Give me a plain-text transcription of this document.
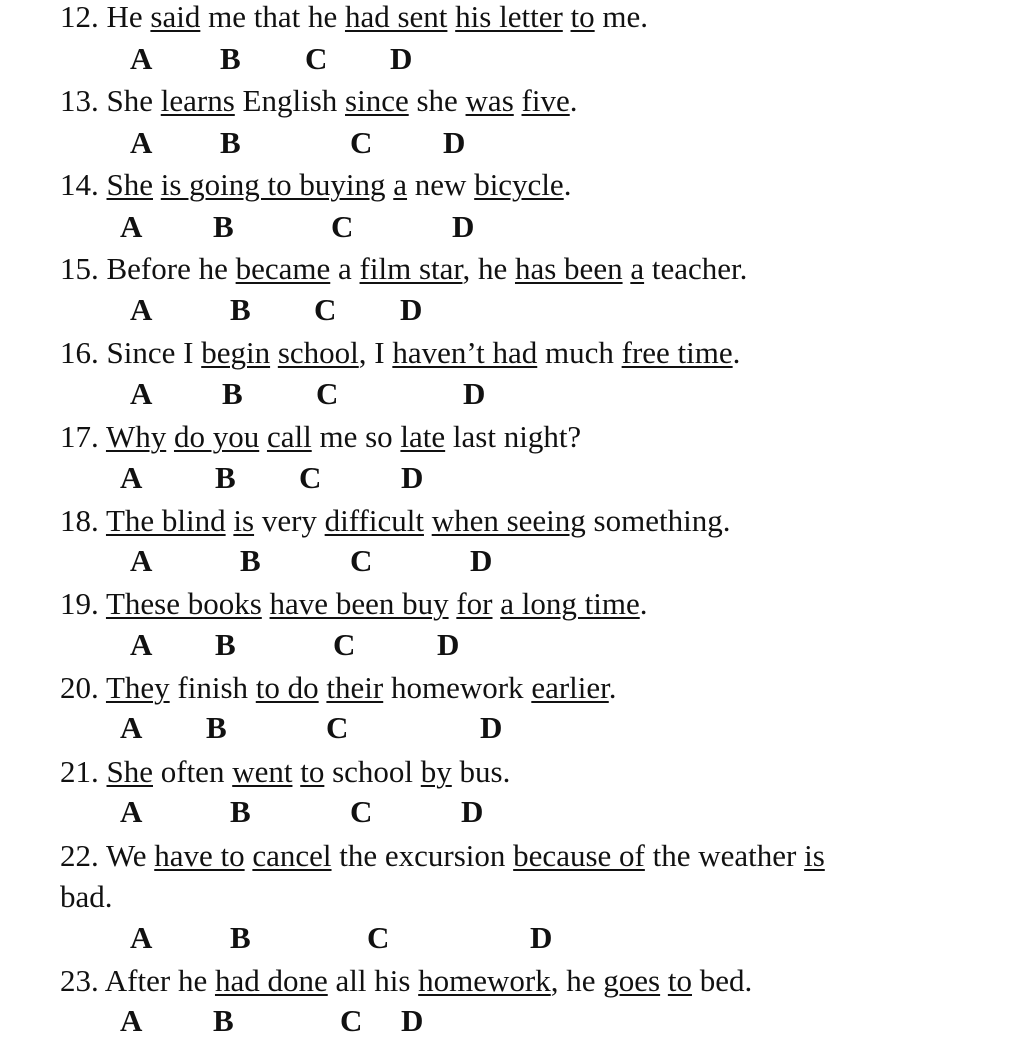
12. He said me that he had sent his letter to me.
A B C D
13. She learns English since she was five.
A B	C D
14. She is going to buying a new bicycle.
A B	C	D
15. Before he became a film star, he has been a teacher.
A	B C D
16. Since I begin school, I haven’t had much free time.
A B C	D
17. Why do you call me so late last night?
A B C	D
18. The blind is very difficult when seeing something.
A	B	C	D
19. These books have been buy for a long time.
A B	C	D
20. They finish to do their homework earlier.
A B	C	D
21. She often went to school by bus.
A	B	C	D
22. We have to cancel the excursion because of the weather is
bad.
A	B	C	D
23. After he had done all his homework, he goes to bed.
A B	C D
